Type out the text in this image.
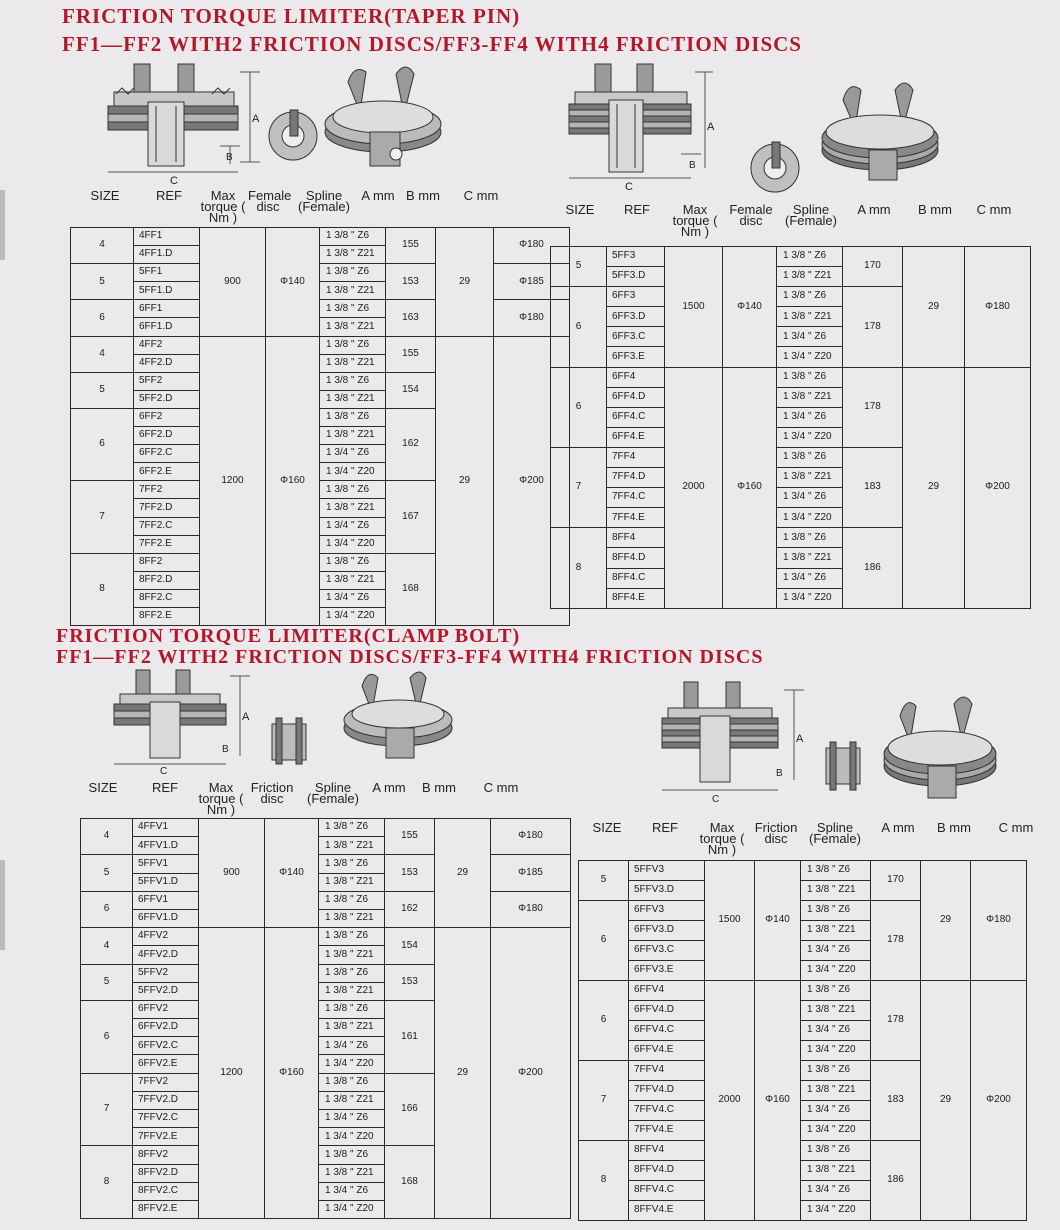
FRICTION TORQUE LIMITER(TAPER PIN)
FF1—FF2 WITH2 FRICTION DISCS/FF3-FF4 WITH4 FRICTION DISCS
FRICTION TORQUE LIMITER(CLAMP BOLT)
FF1—FF2 WITH2 FRICTION DISCS/FF3-FF4 WITH4 FRICTION DISCS
A
B
C
A
B
C
A
B
C
A
B
C
SIZE	REF	Max torque ( Nm )
Female disc
Spline (Female)
A mm B mm	C mm
SIZE	REF	Max torque ( Nm )
Female disc
Spline (Female)
A mm	B mm	C mm
SIZE	REF	Max torque ( Nm )
Friction disc
Spline (Female)
A mm	B mm	C mm
SIZE	REF	Max torque ( Nm )
Friction disc
Spline (Female)
A mm	B mm	C mm
4	4FF1	900	Φ140	1 3/8 " Z6	155	29	Φ180
	4FF1.D			1 3/8 " Z21			
5	5FF1			1 3/8 " Z6	153		Φ185
	5FF1.D			1 3/8 " Z21			
6	6FF1			1 3/8 " Z6	163		Φ180
	6FF1.D			1 3/8 " Z21			
4	4FF2	1200	Φ160	1 3/8 " Z6	155	29	Φ200
	4FF2.D			1 3/8 " Z21			
5	5FF2			1 3/8 " Z6	154		
	5FF2.D			1 3/8 " Z21			
6	6FF2			1 3/8 " Z6	162		
	6FF2.D			1 3/8 " Z21			
	6FF2.C			1 3/4 " Z6			
	6FF2.E			1 3/4 " Z20			
7	7FF2			1 3/8 " Z6	167		
	7FF2.D			1 3/8 " Z21			
	7FF2.C			1 3/4 " Z6			
	7FF2.E			1 3/4 " Z20			
8	8FF2			1 3/8 " Z6	168		
	8FF2.D			1 3/8 " Z21			
	8FF2.C			1 3/4 " Z6			
	8FF2.E			1 3/4 " Z20			
5	5FF3	1500	Φ140	1 3/8 " Z6	170	29	Φ180
	5FF3.D			1 3/8 " Z21			
6	6FF3			1 3/8 " Z6	178		
	6FF3.D			1 3/8 " Z21			
	6FF3.C			1 3/4 " Z6			
	6FF3.E			1 3/4 " Z20			
6	6FF4	2000	Φ160	1 3/8 " Z6	178	29	Φ200
	6FF4.D			1 3/8 " Z21			
	6FF4.C			1 3/4 " Z6			
	6FF4.E			1 3/4 " Z20			
7	7FF4			1 3/8 " Z6	183		
	7FF4.D			1 3/8 " Z21			
	7FF4.C			1 3/4 " Z6			
	7FF4.E			1 3/4 " Z20			
8	8FF4			1 3/8 " Z6	186		
	8FF4.D			1 3/8 " Z21			
	8FF4.C			1 3/4 " Z6			
	8FF4.E			1 3/4 " Z20			
4	4FFV1	900	Φ140	1 3/8 " Z6	155	29	Φ180
	4FFV1.D			1 3/8 " Z21			
5	5FFV1			1 3/8 " Z6	153		Φ185
	5FFV1.D			1 3/8 " Z21			
6	6FFV1			1 3/8 " Z6	162		Φ180
	6FFV1.D			1 3/8 " Z21			
4	4FFV2	1200	Φ160	1 3/8 " Z6	154	29	Φ200
	4FFV2.D			1 3/8 " Z21			
5	5FFV2			1 3/8 " Z6	153		
	5FFV2.D			1 3/8 " Z21			
6	6FFV2			1 3/8 " Z6	161		
	6FFV2.D			1 3/8 " Z21			
	6FFV2.C			1 3/4 " Z6			
	6FFV2.E			1 3/4 " Z20			
7	7FFV2			1 3/8 " Z6	166		
	7FFV2.D			1 3/8 " Z21			
	7FFV2.C			1 3/4 " Z6			
	7FFV2.E			1 3/4 " Z20			
8	8FFV2			1 3/8 " Z6	168		
	8FFV2.D			1 3/8 " Z21			
	8FFV2.C			1 3/4 " Z6			
	8FFV2.E			1 3/4 " Z20			
5	5FFV3	1500	Φ140	1 3/8 " Z6	170	29	Φ180
	5FFV3.D			1 3/8 " Z21			
6	6FFV3			1 3/8 " Z6	178		
	6FFV3.D			1 3/8 " Z21			
	6FFV3.C			1 3/4 " Z6			
	6FFV3.E			1 3/4 " Z20			
6	6FFV4	2000	Φ160	1 3/8 " Z6	178	29	Φ200
	6FFV4.D			1 3/8 " Z21			
	6FFV4.C			1 3/4 " Z6			
	6FFV4.E			1 3/4 " Z20			
7	7FFV4			1 3/8 " Z6	183		
	7FFV4.D			1 3/8 " Z21			
	7FFV4.C			1 3/4 " Z6			
	7FFV4.E			1 3/4 " Z20			
8	8FFV4			1 3/8 " Z6	186		
	8FFV4.D			1 3/8 " Z21			
	8FFV4.C			1 3/4 " Z6			
	8FFV4.E			1 3/4 " Z20			
